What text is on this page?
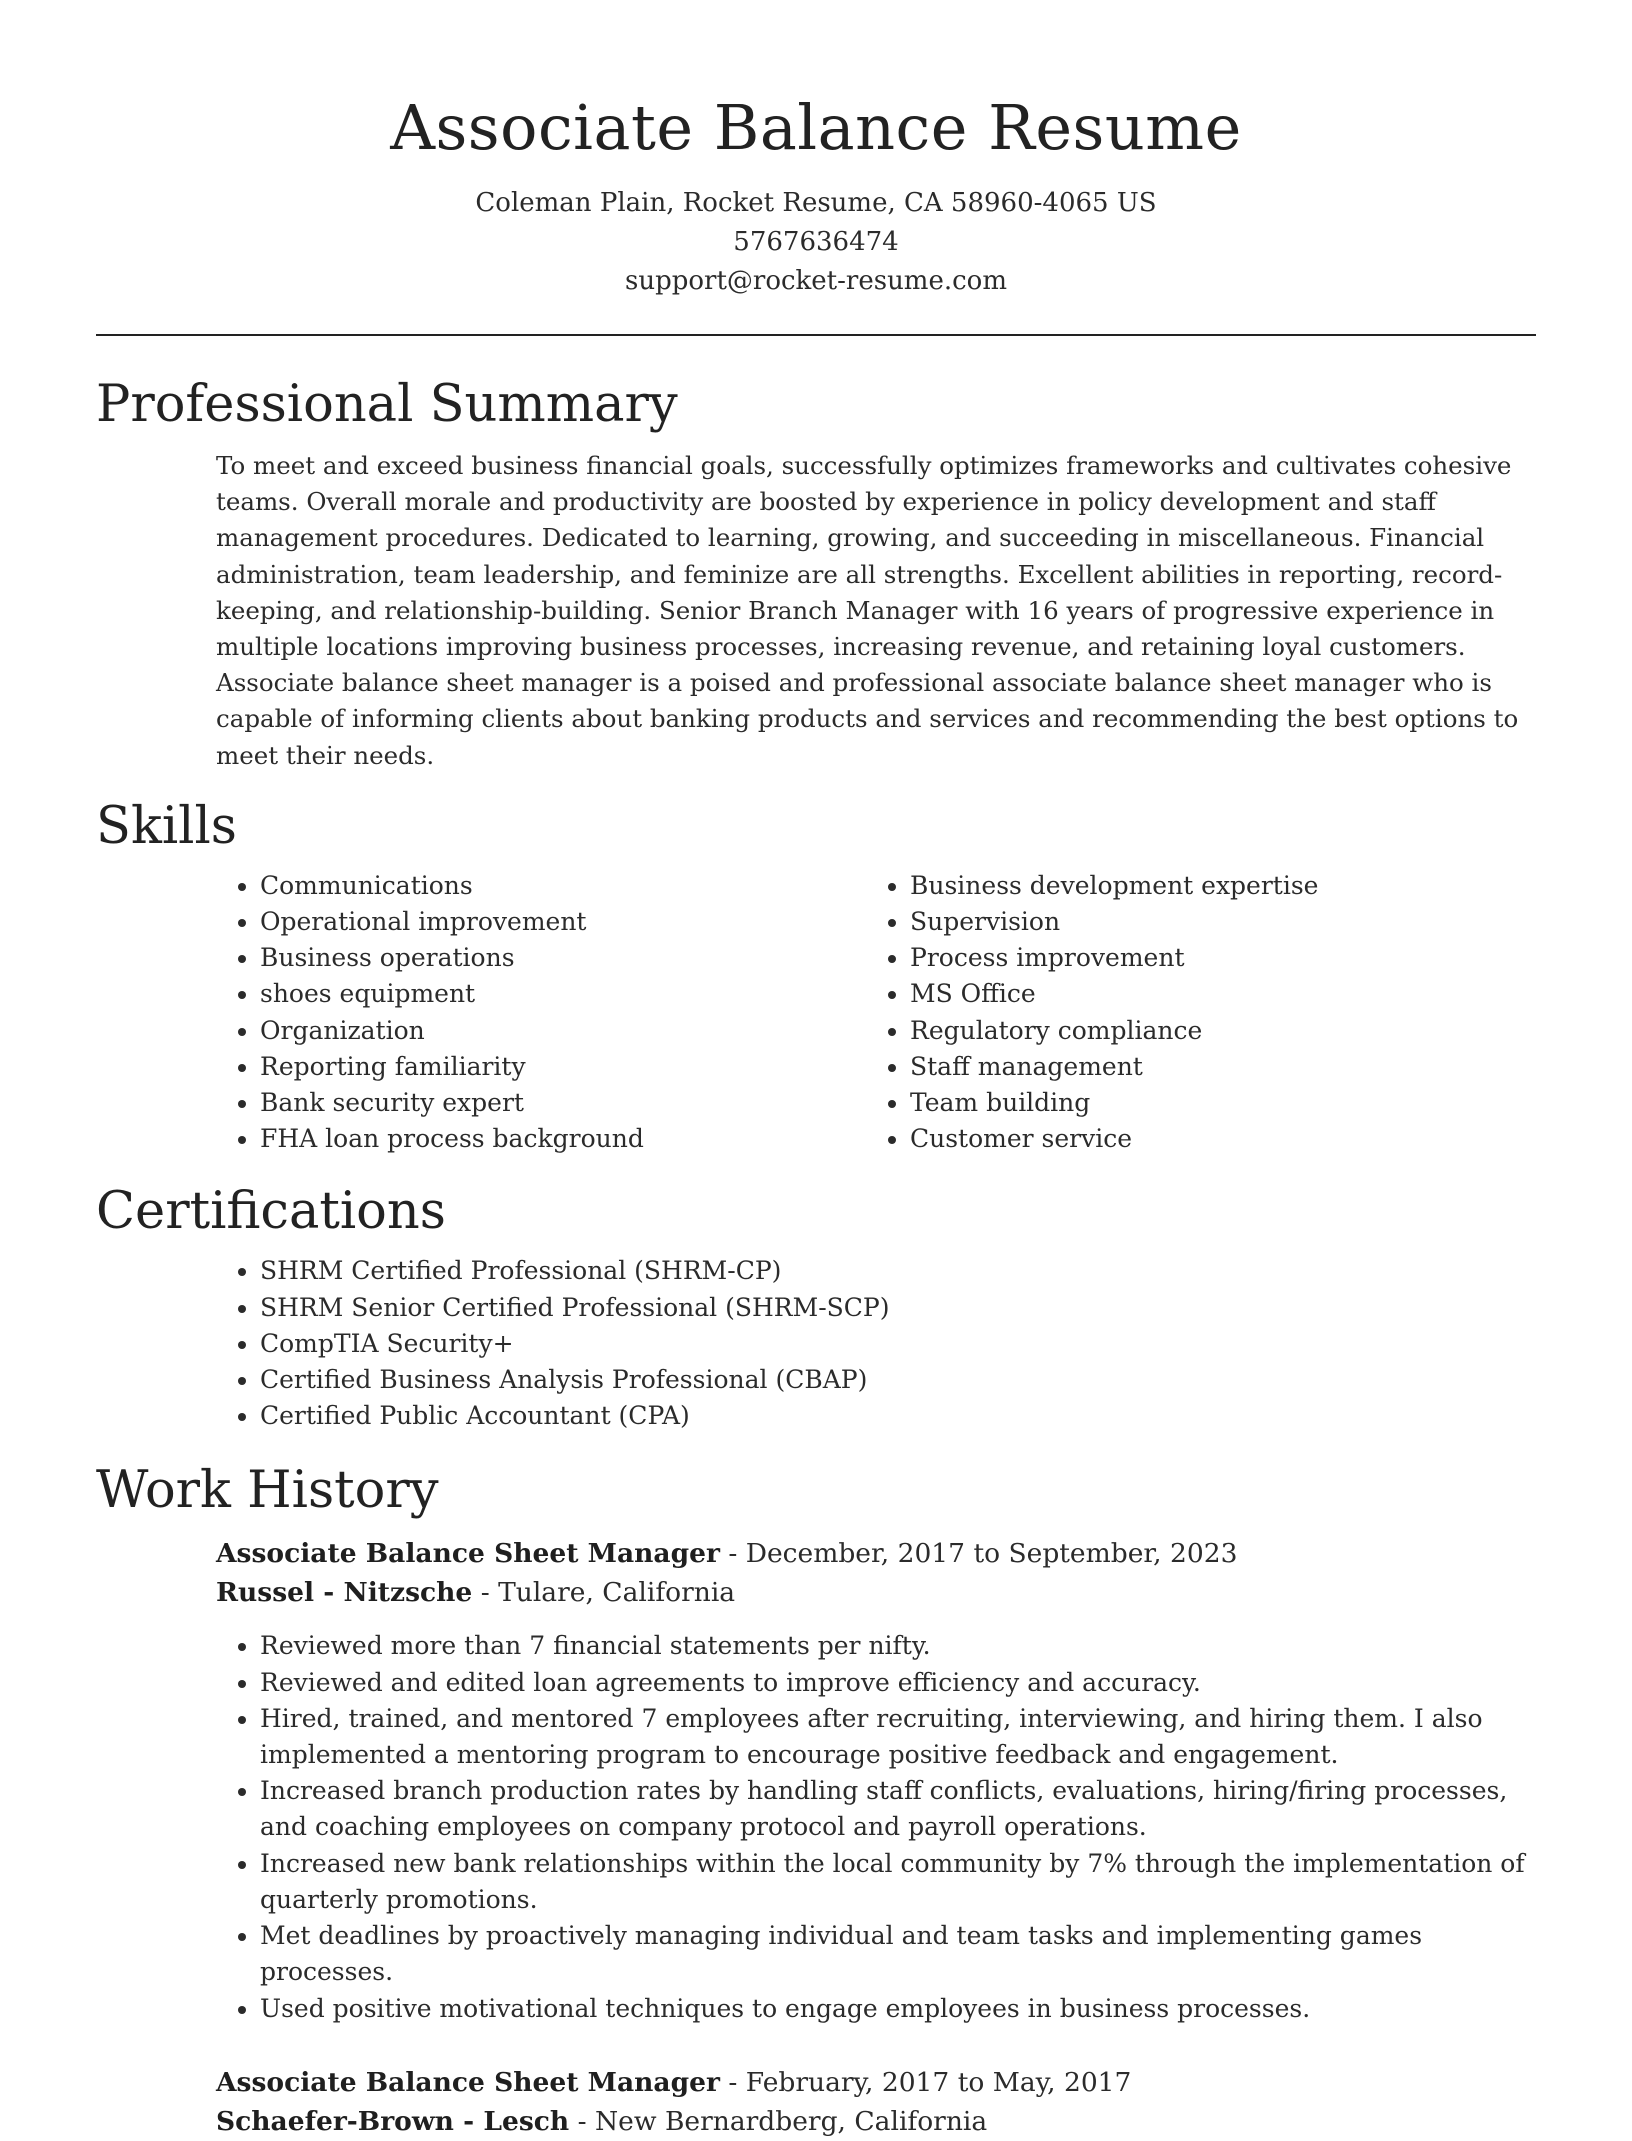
Associate Balance Resume
Coleman Plain, Rocket Resume, CA 58960-4065 US
5767636474
support@rocket-resume.com
Professional Summary

To meet and exceed business financial goals, successfully optimizes frameworks and cultivates cohesive teams. Overall morale and productivity are boosted by experience in policy development and staff management procedures. Dedicated to learning, growing, and succeeding in miscellaneous. Financial administration, team leadership, and feminize are all strengths. Excellent abilities in reporting, record-keeping, and relationship-building. Senior Branch Manager with 16 years of progressive experience in multiple locations improving business processes, increasing revenue, and retaining loyal customers. Associate balance sheet manager is a poised and professional associate balance sheet manager who is capable of informing clients about banking products and services and recommending the best options to meet their needs.

Skills
• Communications
• Operational improvement
• Business operations
• shoes equipment
• Organization
• Reporting familiarity
• Bank security expert
• FHA loan process background
• Business development expertise
• Supervision
• Process improvement
• MS Office
• Regulatory compliance
• Staff management
• Team building
• Customer service
Certifications
• SHRM Certified Professional (SHRM-CP)
• SHRM Senior Certified Professional (SHRM-SCP)
• CompTIA Security+
• Certified Business Analysis Professional (CBAP)
• Certified Public Accountant (CPA)
Work History
Associate Balance Sheet Manager - December, 2017 to September, 2023
Russel - Nitzsche - Tulare, California
• Reviewed more than 7 financial statements per nifty.
• Reviewed and edited loan agreements to improve efficiency and accuracy.
• Hired, trained, and mentored 7 employees after recruiting, interviewing, and hiring them. I also implemented a mentoring program to encourage positive feedback and engagement.
• Increased branch production rates by handling staff conflicts, evaluations, hiring/firing processes, and coaching employees on company protocol and payroll operations.
• Increased new bank relationships within the local community by 7% through the implementation of quarterly promotions.
• Met deadlines by proactively managing individual and team tasks and implementing games processes.
• Used positive motivational techniques to engage employees in business processes.
Associate Balance Sheet Manager - February, 2017 to May, 2017
Schaefer-Brown - Lesch - New Bernardberg, California
